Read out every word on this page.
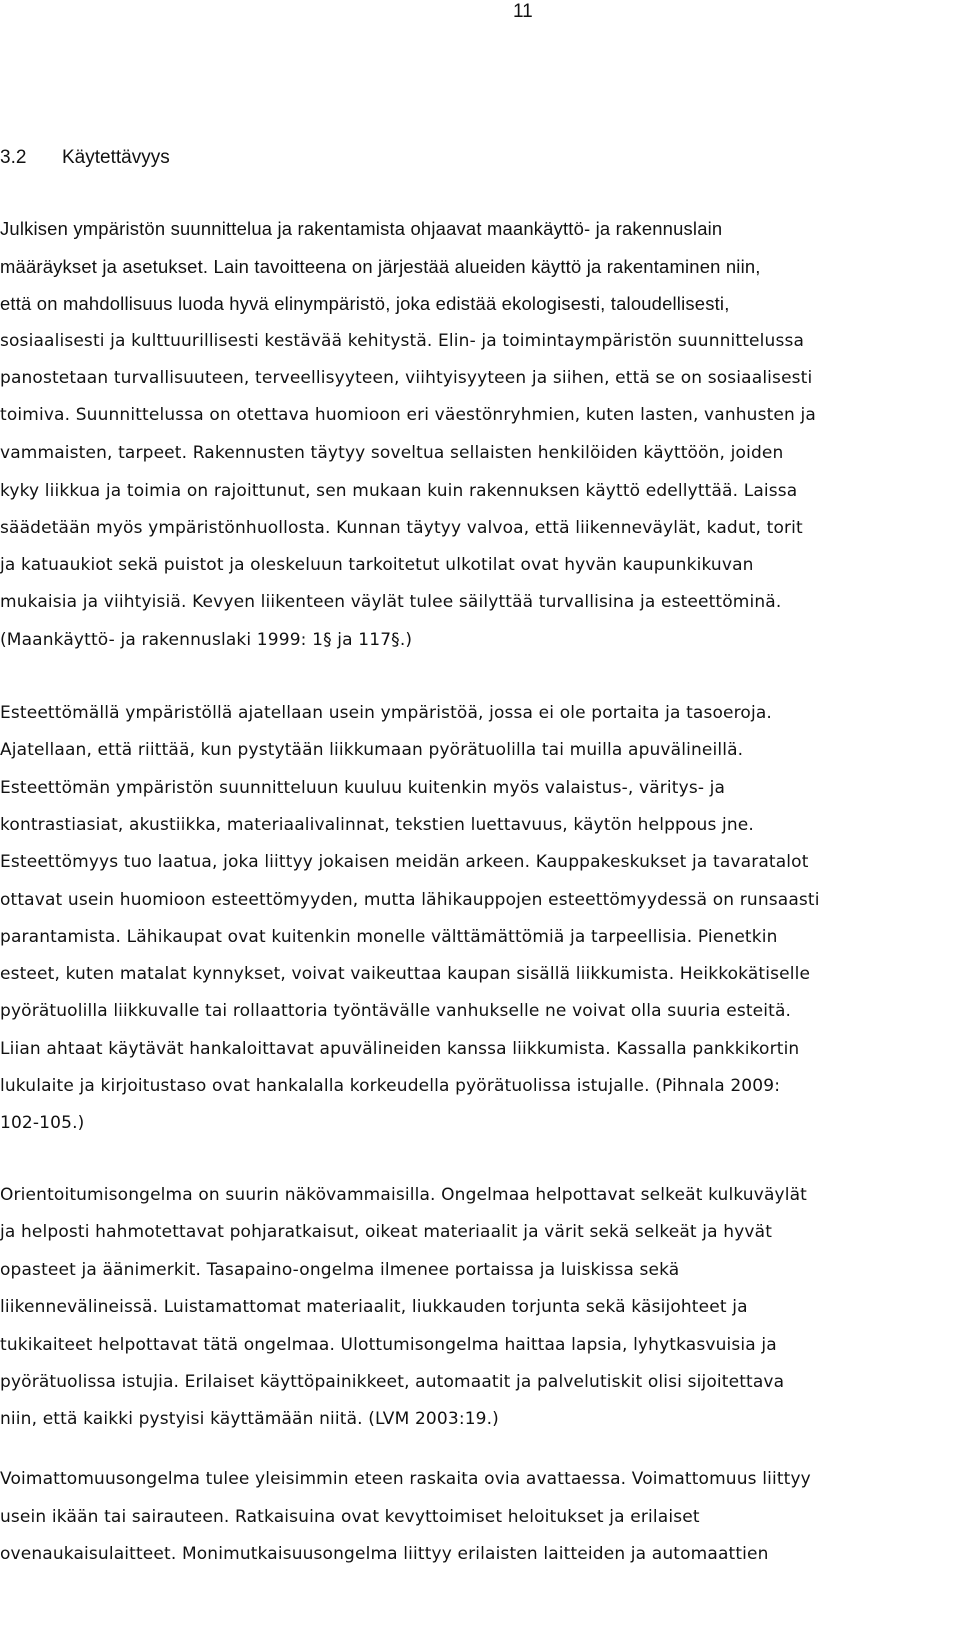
11
3.2 Käytettävyys
Julkisen ympäristön suunnittelua ja rakentamista ohjaavat maankäyttö- ja rakennuslain
määräykset ja asetukset. Lain tavoitteena on järjestää alueiden käyttö ja rakentaminen niin,
että on mahdollisuus luoda hyvä elinympäristö, joka edistää ekologisesti, taloudellisesti,
sosiaalisesti ja kulttuurillisesti kestävää kehitystä. Elin- ja toimintaympäristön suunnittelussa
panostetaan turvallisuuteen, terveellisyyteen, viihtyisyyteen ja siihen, että se on sosiaalisesti
toimiva. Suunnittelussa on otettava huomioon eri väestönryhmien, kuten lasten, vanhusten ja
vammaisten, tarpeet. Rakennusten täytyy soveltua sellaisten henkilöiden käyttöön, joiden
kyky liikkua ja toimia on rajoittunut, sen mukaan kuin rakennuksen käyttö edellyttää. Laissa
säädetään myös ympäristönhuollosta. Kunnan täytyy valvoa, että liikenneväylät, kadut, torit
ja katuaukiot sekä puistot ja oleskeluun tarkoitetut ulkotilat ovat hyvän kaupunkikuvan
mukaisia ja viihtyisiä. Kevyen liikenteen väylät tulee säilyttää turvallisina ja esteettöminä.
(Maankäyttö- ja rakennuslaki 1999: 1§ ja 117§.)
Esteettömällä ympäristöllä ajatellaan usein ympäristöä, jossa ei ole portaita ja tasoeroja.
Ajatellaan, että riittää, kun pystytään liikkumaan pyörätuolilla tai muilla apuvälineillä.
Esteettömän ympäristön suunnitteluun kuuluu kuitenkin myös valaistus-, väritys- ja
kontrastiasiat, akustiikka, materiaalivalinnat, tekstien luettavuus, käytön helppous jne.
Esteettömyys tuo laatua, joka liittyy jokaisen meidän arkeen. Kauppakeskukset ja tavaratalot
ottavat usein huomioon esteettömyyden, mutta lähikauppojen esteettömyydessä on runsaasti
parantamista. Lähikaupat ovat kuitenkin monelle välttämättömiä ja tarpeellisia. Pienetkin
esteet, kuten matalat kynnykset, voivat vaikeuttaa kaupan sisällä liikkumista. Heikkokätiselle
pyörätuolilla liikkuvalle tai rollaattoria työntävälle vanhukselle ne voivat olla suuria esteitä.
Liian ahtaat käytävät hankaloittavat apuvälineiden kanssa liikkumista. Kassalla pankkikortin
lukulaite ja kirjoitustaso ovat hankalalla korkeudella pyörätuolissa istujalle. (Pihnala 2009:
102-105.)
Orientoitumisongelma on suurin näkövammaisilla. Ongelmaa helpottavat selkeät kulkuväylät
ja helposti hahmotettavat pohjaratkaisut, oikeat materiaalit ja värit sekä selkeät ja hyvät
opasteet ja äänimerkit. Tasapaino-ongelma ilmenee portaissa ja luiskissa sekä
liikennevälineissä. Luistamattomat materiaalit, liukkauden torjunta sekä käsijohteet ja
tukikaiteet helpottavat tätä ongelmaa. Ulottumisongelma haittaa lapsia, lyhytkasvuisia ja
pyörätuolissa istujia. Erilaiset käyttöpainikkeet, automaatit ja palvelutiskit olisi sijoitettava
niin, että kaikki pystyisi käyttämään niitä. (LVM 2003:19.)
Voimattomuusongelma tulee yleisimmin eteen raskaita ovia avattaessa. Voimattomuus liittyy
usein ikään tai sairauteen. Ratkaisuina ovat kevyttoimiset heloitukset ja erilaiset
ovenaukaisulaitteet. Monimutkaisuusongelma liittyy erilaisten laitteiden ja automaattien
